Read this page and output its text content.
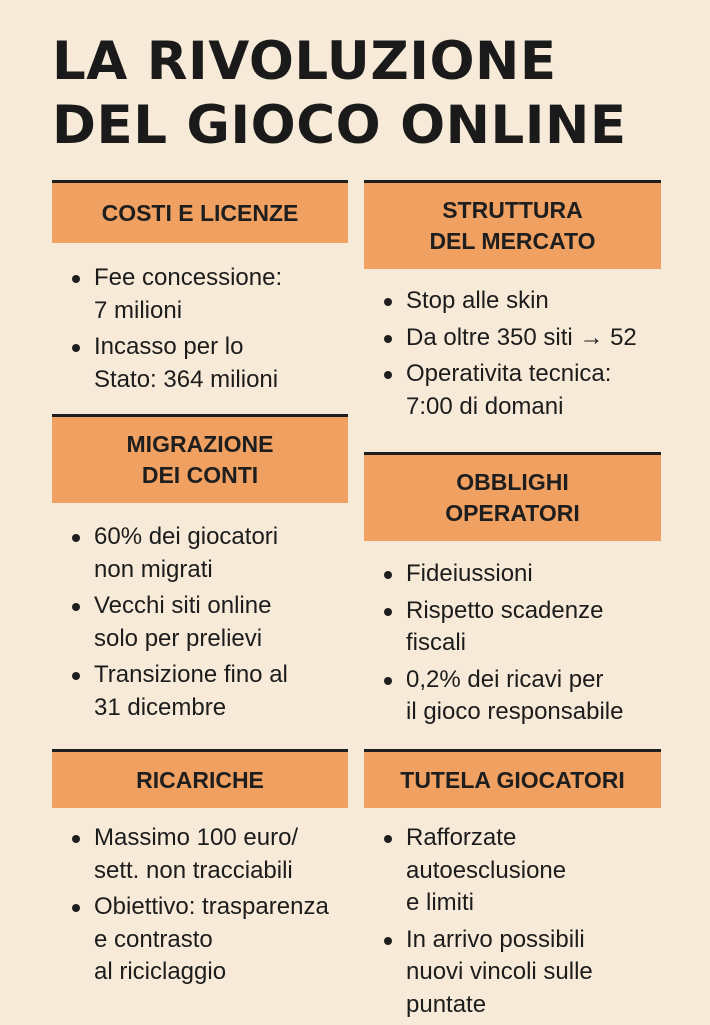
LA RIVOLUZIONE
DEL GIOCO ONLINE
COSTI E LICENZE
Fee concessione:
7 milioni
Incasso per lo
Stato: 364 milioni
MIGRAZIONE
DEI CONTI
60% dei giocatori
non migrati
Vecchi siti online
solo per prelievi
Transizione fino al
31 dicembre
RICARICHE
Massimo 100 euro/
sett. non tracciabili
Obiettivo: trasparenza
e contrasto
al riciclaggio
STRUTTURA
DEL MERCATO
Stop alle skin
Da oltre 350 siti → 52
Operativita tecnica:
7:00 di domani
OBBLIGHI
OPERATORI
Fideiussioni
Rispetto scadenze
fiscali
0,2% dei ricavi per
il gioco responsabile
TUTELA GIOCATORI
Rafforzate
autoesclusione
e limiti
In arrivo possibili
nuovi vincoli sulle
puntate
